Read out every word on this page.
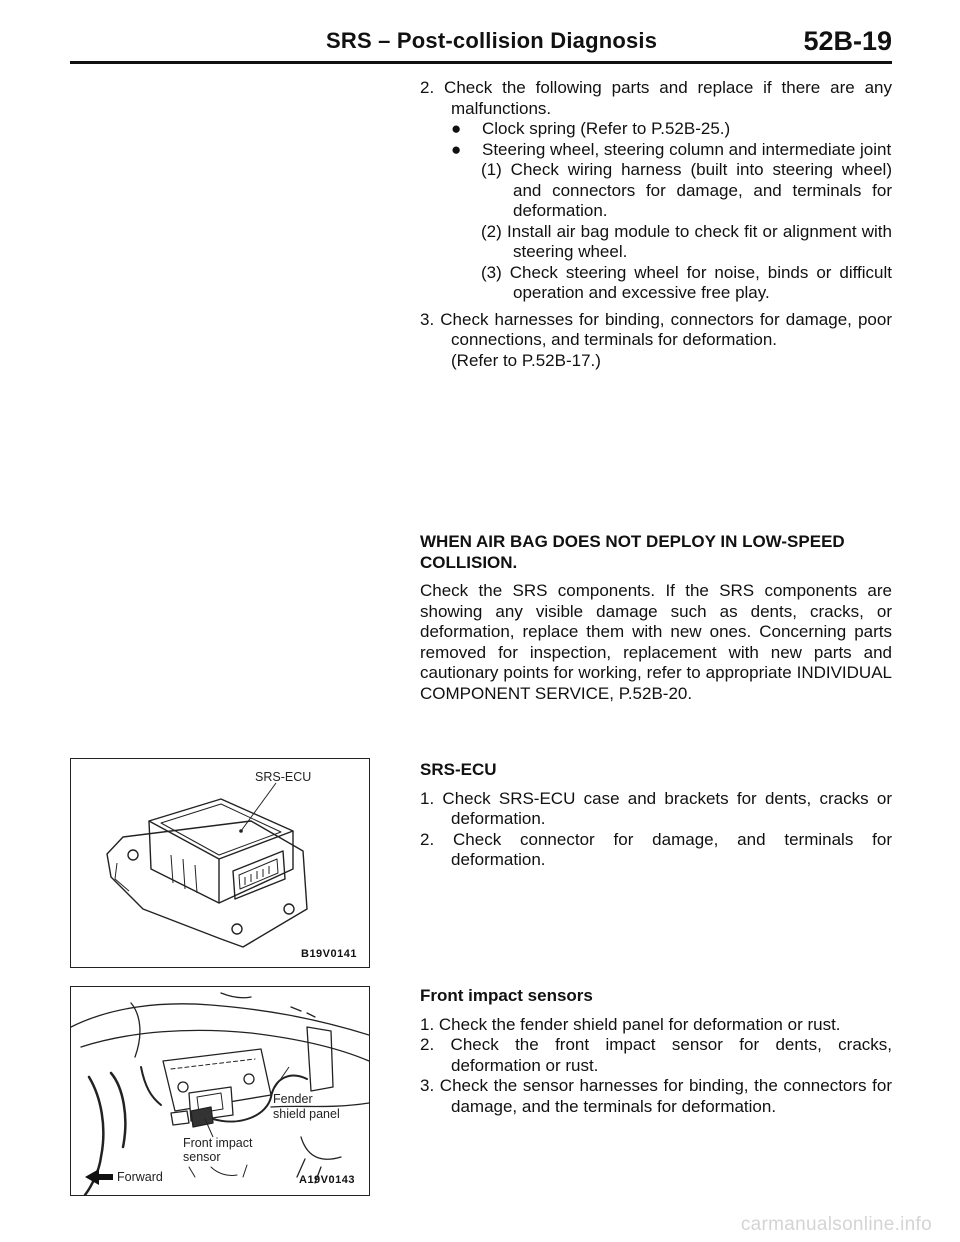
SRS – Post-collision Diagnosis	52B-19

2. Check the following parts and replace if there are any malfunctions.

● Clock spring (Refer to P.52B-25.)

● Steering wheel, steering column and intermediate joint

(1) Check wiring harness (built into steering wheel) and connectors for damage, and terminals for deformation.

(2) Install air bag module to check fit or alignment with steering wheel.

(3) Check steering wheel for noise, binds or difficult operation and excessive free play.

3. Check harnesses for binding, connectors for damage, poor connections, and terminals for deformation.

(Refer to P.52B-17.)

WHEN AIR BAG DOES NOT DEPLOY IN LOW-SPEED COLLISION.

Check the SRS components. If the SRS components are showing any visible damage such as dents, cracks, or deformation, replace them with new ones. Concerning parts removed for inspection, replacement with new parts and cautionary points for working, refer to appropriate INDIVIDUAL COMPONENT SERVICE, P.52B-20.

SRS-ECU

1. Check SRS-ECU case and brackets for dents, cracks or deformation.

2. Check connector for damage, and terminals for deformation.

Front impact sensors

1. Check the fender shield panel for deformation or rust.

2. Check the front impact sensor for dents, cracks, deformation or rust.

3. Check the sensor harnesses for binding, the connectors for damage, and the terminals for deformation.

SRS-ECU
B19V0141
Fender
shield panel
Front impact
sensor
Forward	A19V0143
carmanualsonline.info
